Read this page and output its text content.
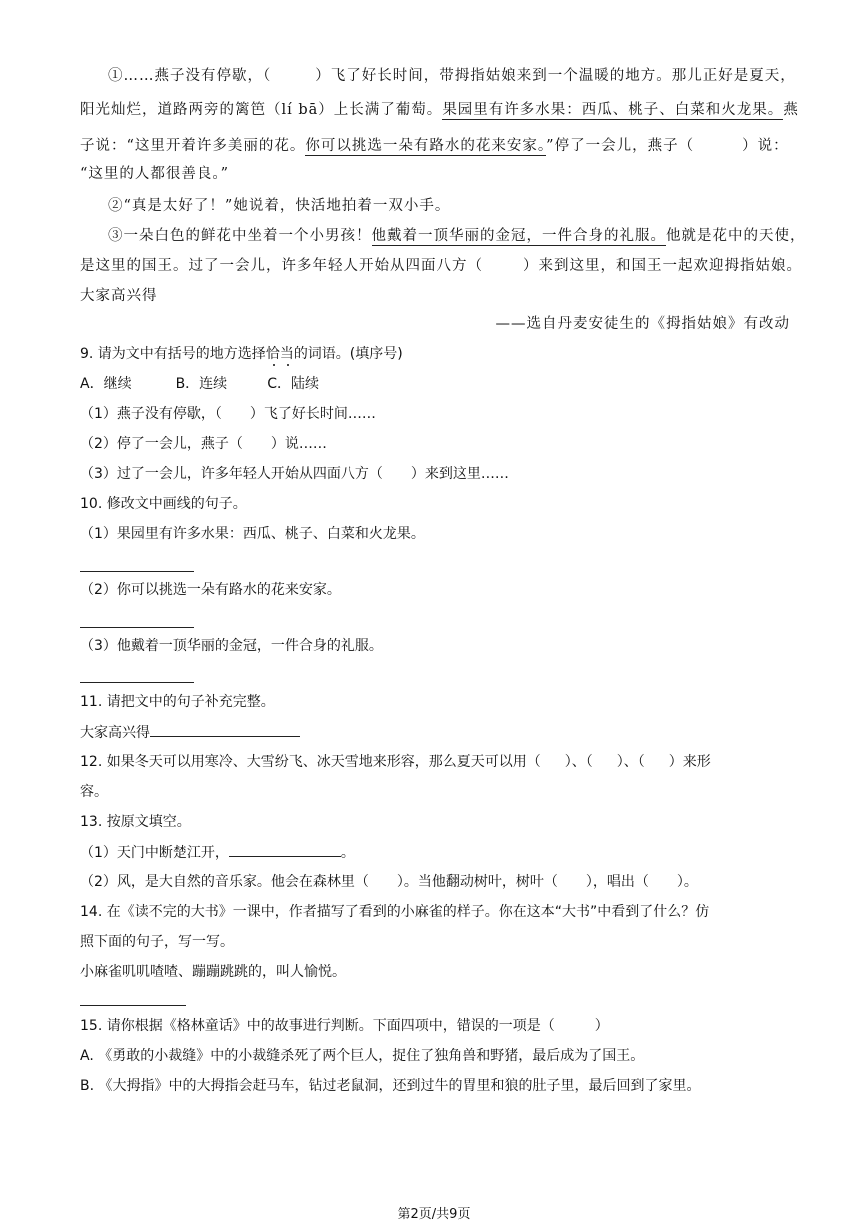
①……燕子没有停歇，（	）飞了好长时间，带拇指姑娘来到一个温暖的地方。那儿正好是夏天，
阳光灿烂，道路两旁的篱笆（lí bā）上长满了葡萄。果园里有许多水果：西瓜、桃子、白菜和火龙果。燕
子说：“这里开着许多美丽的花。你可以挑选一朵有路水的花来安家。”停了一会儿，燕子（	）说：
“这里的人都很善良。”
②“真是太好了！”她说着，快活地拍着一双小手。
③一朵白色的鲜花中坐着一个小男孩！他戴着一顶华丽的金冠，一件合身的礼服。他就是花中的天使，
是这里的国王。过了一会儿，许多年轻人开始从四面八方（	）来到这里，和国王一起欢迎拇指姑娘。
大家高兴得
——选自丹麦安徒生的《拇指姑娘》有改动
9. 请为文中有括号的地方选择恰当的词语。(填序号)
A．继续	B．连续	C．陆续
（1）燕子没有停歇，（ ）飞了好长时间……
（2）停了一会儿，燕子（ ）说……
（3）过了一会儿，许多年轻人开始从四面八方（ ）来到这里……
10. 修改文中画线的句子。
（1）果园里有许多水果：西瓜、桃子、白菜和火龙果。
（2）你可以挑选一朵有路水的花来安家。
（3）他戴着一顶华丽的金冠，一件合身的礼服。
11. 请把文中的句子补充完整。
大家高兴得
12. 如果冬天可以用寒冷、大雪纷飞、冰天雪地来形容，那么夏天可以用（ ）、（ ）、（ ）来形
容。
13. 按原文填空。
（1）天门中断楚江开，	。
（2）风，是大自然的音乐家。他会在森林里（ ）。当他翻动树叶，树叶（ ），唱出（ ）。
14. 在《读不完的大书》一课中，作者描写了看到的小麻雀的样子。你在这本“大书”中看到了什么？仿
照下面的句子，写一写。
小麻雀叽叽喳喳、蹦蹦跳跳的，叫人愉悦。
15. 请你根据《格林童话》中的故事进行判断。下面四项中，错误的一项是（	）
A. 《勇敢的小裁缝》中的小裁缝杀死了两个巨人，捉住了独角兽和野猪，最后成为了国王。
B. 《大拇指》中的大拇指会赶马车，钻过老鼠洞，还到过牛的胃里和狼的肚子里，最后回到了家里。
第2页/共9页
